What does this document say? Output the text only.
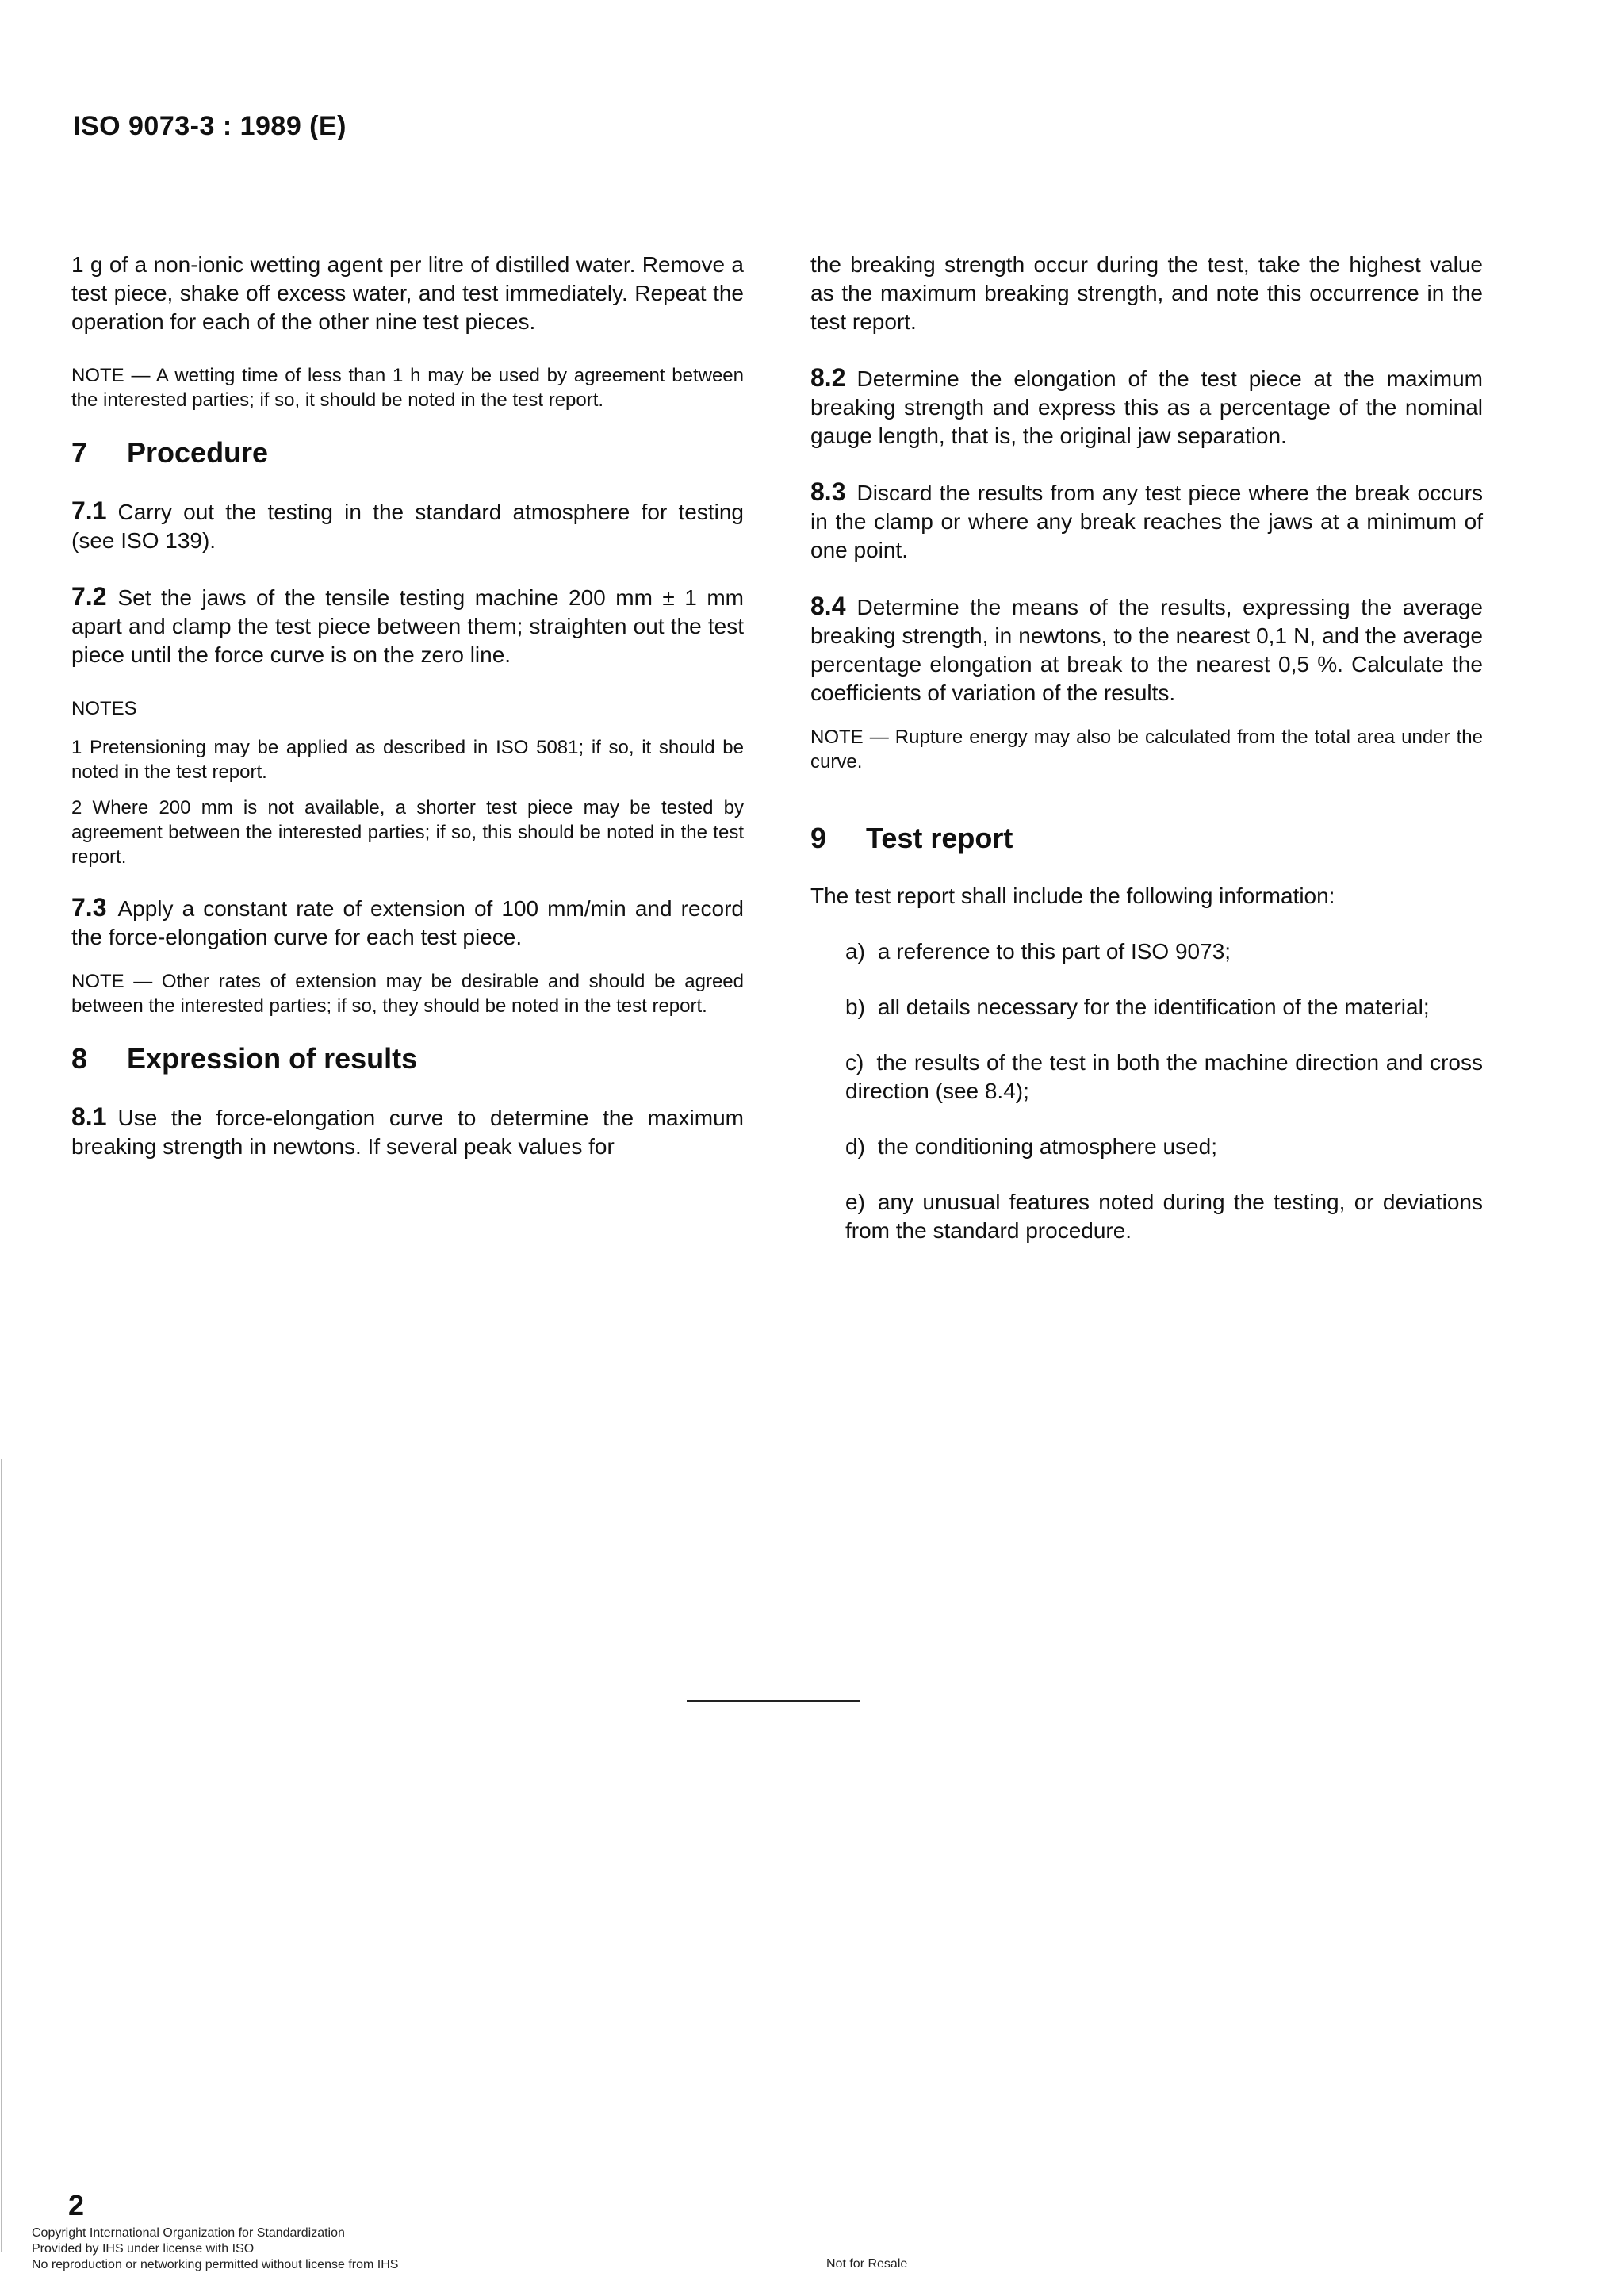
ISO 9073-3 : 1989 (E)

1 g of a non-ionic wetting agent per litre of distilled water. Remove a test piece, shake off excess water, and test immediately. Repeat the operation for each of the other nine test pieces.

NOTE — A wetting time of less than 1 h may be used by agreement between the interested parties; if so, it should be noted in the test report.

7 Procedure

7.1 Carry out the testing in the standard atmosphere for testing (see ISO 139).

7.2 Set the jaws of the tensile testing machine 200 mm ± 1 mm apart and clamp the test piece between them; straighten out the test piece until the force curve is on the zero line.

NOTES

1 Pretensioning may be applied as described in ISO 5081; if so, it should be noted in the test report.

2 Where 200 mm is not available, a shorter test piece may be tested by agreement between the interested parties; if so, this should be noted in the test report.

7.3 Apply a constant rate of extension of 100 mm/min and record the force-elongation curve for each test piece.

NOTE — Other rates of extension may be desirable and should be agreed between the interested parties; if so, they should be noted in the test report.

8 Expression of results

8.1 Use the force-elongation curve to determine the maximum breaking strength in newtons. If several peak values for

the breaking strength occur during the test, take the highest value as the maximum breaking strength, and note this occurrence in the test report.

8.2 Determine the elongation of the test piece at the maximum breaking strength and express this as a percentage of the nominal gauge length, that is, the original jaw separation.

8.3 Discard the results from any test piece where the break occurs in the clamp or where any break reaches the jaws at a minimum of one point.

8.4 Determine the means of the results, expressing the average breaking strength, in newtons, to the nearest 0,1 N, and the average percentage elongation at break to the nearest 0,5 %. Calculate the coefficients of variation of the results.

NOTE — Rupture energy may also be calculated from the total area under the curve.

9 Test report

The test report shall include the following information:

a) a reference to this part of ISO 9073;
b) all details necessary for the identification of the material;
c) the results of the test in both the machine direction and cross direction (see 8.4);
d) the conditioning atmosphere used;
e) any unusual features noted during the testing, or deviations from the standard procedure.
2
Copyright International Organization for Standardization
Provided by IHS under license with ISO
No reproduction or networking permitted without license from IHS	Not for Resale
